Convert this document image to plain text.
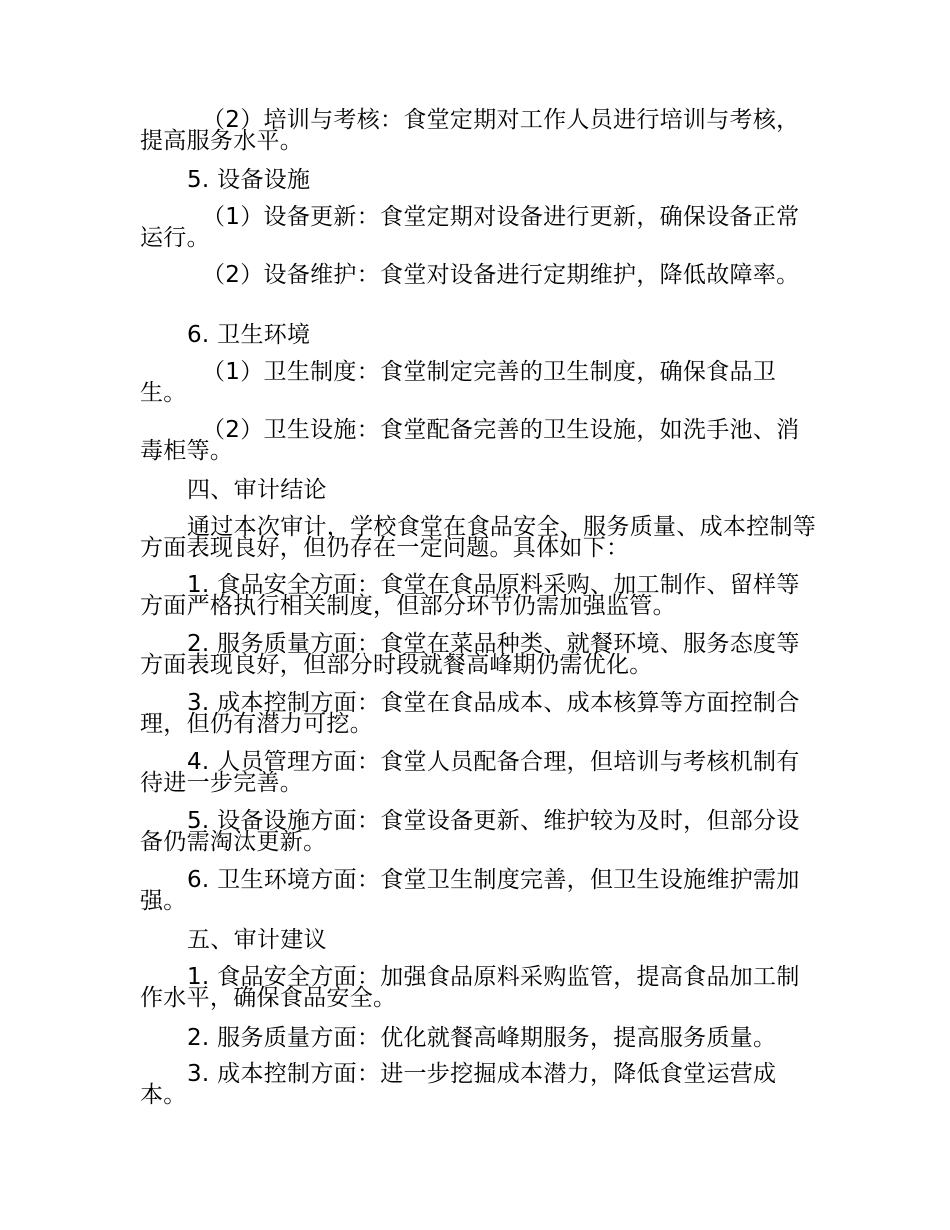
（2）培训与考核：食堂定期对工作人员进行培训与考核，提高服务水平。

5. 设备设施

（1）设备更新：食堂定期对设备进行更新，确保设备正常运行。

（2）设备维护：食堂对设备进行定期维护，降低故障率。

6. 卫生环境

（1）卫生制度：食堂制定完善的卫生制度，确保食品卫生。

（2）卫生设施：食堂配备完善的卫生设施，如洗手池、消毒柜等。

四、审计结论

通过本次审计，学校食堂在食品安全、服务质量、成本控制等方面表现良好，但仍存在一定问题。具体如下：

1. 食品安全方面：食堂在食品原料采购、加工制作、留样等方面严格执行相关制度，但部分环节仍需加强监管。

2. 服务质量方面：食堂在菜品种类、就餐环境、服务态度等方面表现良好，但部分时段就餐高峰期仍需优化。

3. 成本控制方面：食堂在食品成本、成本核算等方面控制合理，但仍有潜力可挖。

4. 人员管理方面：食堂人员配备合理，但培训与考核机制有待进一步完善。

5. 设备设施方面：食堂设备更新、维护较为及时，但部分设备仍需淘汰更新。

6. 卫生环境方面：食堂卫生制度完善，但卫生设施维护需加强。

五、审计建议

1. 食品安全方面：加强食品原料采购监管，提高食品加工制作水平，确保食品安全。

2. 服务质量方面：优化就餐高峰期服务，提高服务质量。

3. 成本控制方面：进一步挖掘成本潜力，降低食堂运营成本。
